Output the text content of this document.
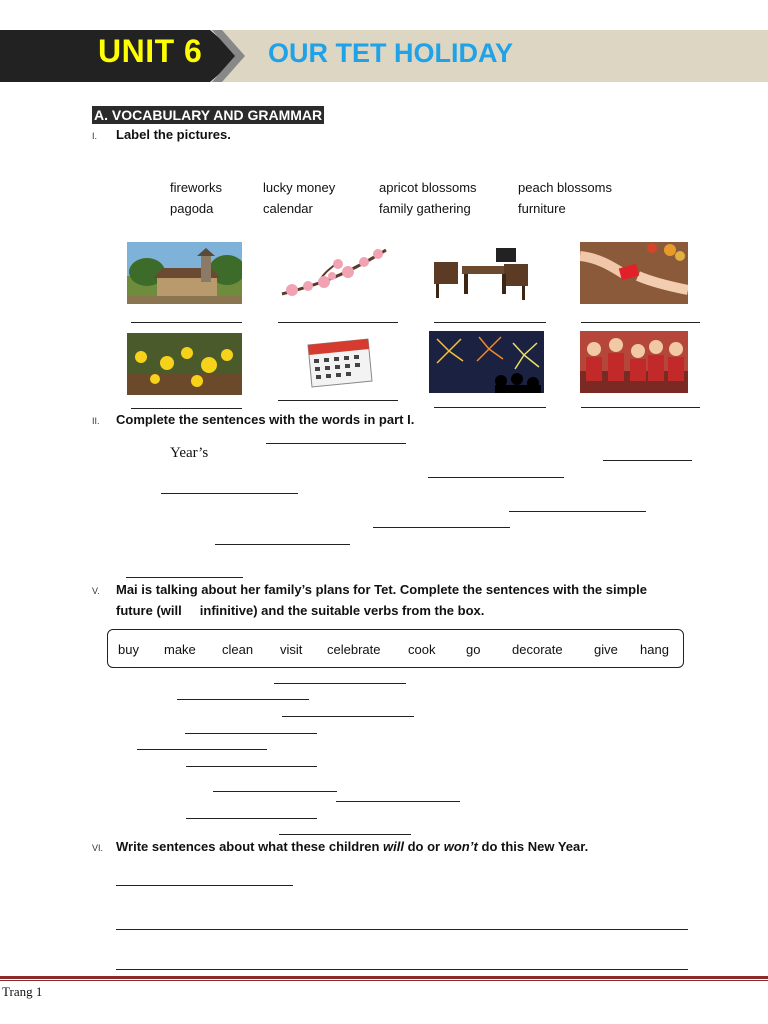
UNIT 6 OUR TET HOLIDAY
A. VOCABULARY AND GRAMMAR
I. Label the pictures.
fireworks	lucky money	apricot blossoms	peach blossoms
pagoda	calendar	family gathering	furniture
II. Complete the sentences with the words in part I.
Year’s
V. Mai is talking about her family’s plans for Tet. Complete the sentences with the simple
future (will     infinitive) and the suitable verbs from the box.
buy make clean visit celebrate cook go decorate give hang
VI. Write sentences about what these children will do or won’t do this New Year.
Trang 1
